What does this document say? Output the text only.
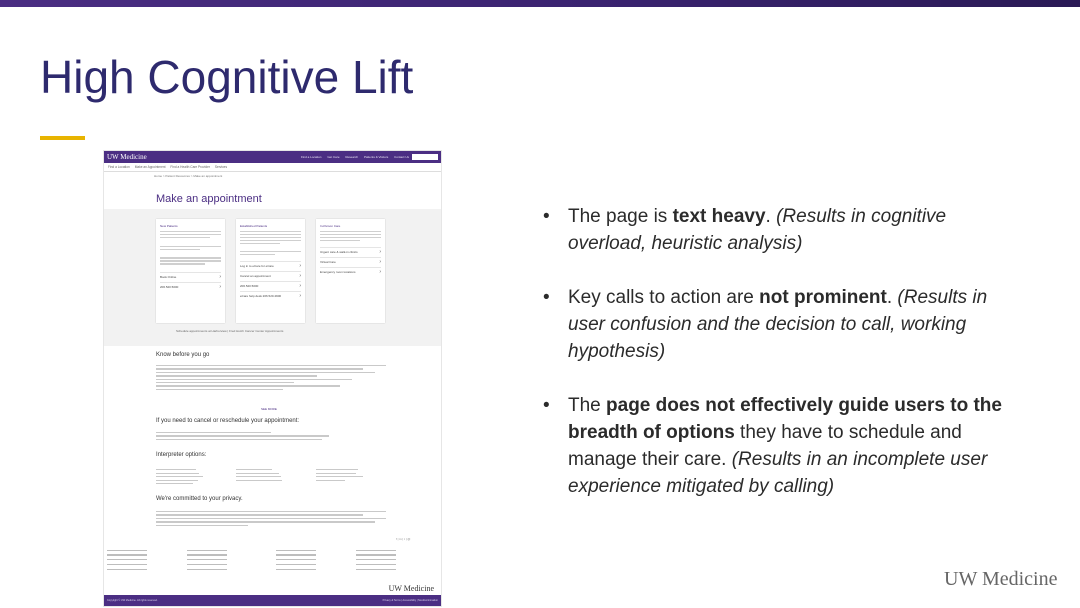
High Cognitive Lift
UW Medicine	Find a Location Get Care Research Patients & Visitors Contact Us
Find a Location Make an Appointment Find a Health Care Provider Services
Home > Patient Resources > Make an appointment
Make an appointment
New Patients
Book Online ›
206.520.5000 ›
Established Patients
Log in to eCare for eCare ›
Cancel an appointment ›
206.520.5000 ›
eCare help desk 206.520.4900 ›
In-Person Care
Urgent care & walk-in clinics ›
Virtual Care ›
Emergency room locations ›
Schedule appointments at Harborview | Fred Hutch Cancer Center Appointments
Know before you go
SEE MORE
If you need to cancel or reschedule your appointment:
Interpreter options:
We're committed to your privacy.
f | in | t | @
UW Medicine
Copyright © UW Medicine. All rights reserved.	Privacy & Terms | Accessibility | Nondiscrimination
• The page is text heavy. (Results in cognitive overload, heuristic analysis)
• Key calls to action are not prominent. (Results in user confusion and the decision to call, working hypothesis)
• The page does not effectively guide users to the breadth of options they have to schedule and manage their care. (Results in an incomplete user experience mitigated by calling)
UW Medicine
